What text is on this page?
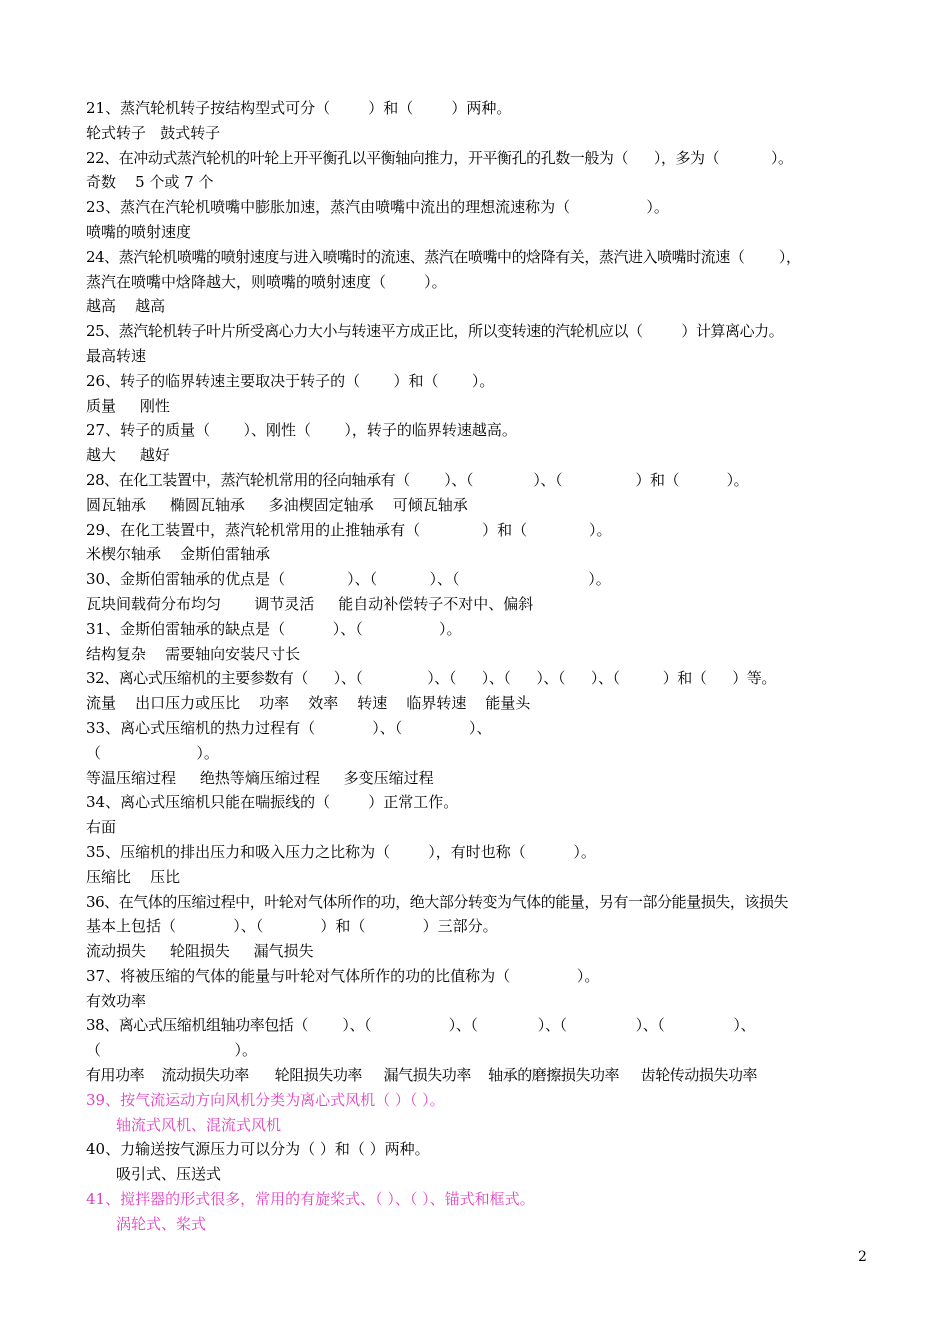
21、蒸汽轮机转子按结构型式可分（        ）和（        ）两种。
轮式转子   鼓式转子
22、在冲动式蒸汽轮机的叶轮上开平衡孔以平衡轴向推力，开平衡孔的孔数一般为（      ），多为（            ）。
奇数    5 个或 7 个
23、蒸汽在汽轮机喷嘴中膨胀加速，蒸汽由喷嘴中流出的理想流速称为（                ）。
喷嘴的喷射速度
24、蒸汽轮机喷嘴的喷射速度与进入喷嘴时的流速、蒸汽在喷嘴中的焓降有关，蒸汽进入喷嘴时流速（        ），
蒸汽在喷嘴中焓降越大，则喷嘴的喷射速度（        ）。
越高    越高
25、蒸汽轮机转子叶片所受离心力大小与转速平方成正比，所以变转速的汽轮机应以（         ）计算离心力。
最高转速
26、转子的临界转速主要取决于转子的（       ）和（       ）。
质量     刚性
27、转子的质量（       ）、刚性（       ），转子的临界转速越高。
越大     越好
28、在化工装置中，蒸汽轮机常用的径向轴承有（        ）、（              ）、（                 ）和（           ）。
圆瓦轴承     椭圆瓦轴承     多油楔固定轴承    可倾瓦轴承
29、在化工装置中，蒸汽轮机常用的止推轴承有（             ）和（             ）。
米楔尔轴承    金斯伯雷轴承
30、金斯伯雷轴承的优点是（             ）、（           ）、（                           ）。
瓦块间载荷分布均匀       调节灵活     能自动补偿转子不对中、偏斜
31、金斯伯雷轴承的缺点是（          ）、（                ）。
结构复杂    需要轴向安装尺寸长
32、离心式压缩机的主要参数有（      ）、（               ）、（      ）、（      ）、（      ）、（          ）和（      ）等。
流量    出口压力或压比    功率    效率    转速    临界转速    能量头
33、离心式压缩机的热力过程有（            ）、（              ）、
（                    ）。
等温压缩过程     绝热等熵压缩过程     多变压缩过程
34、离心式压缩机只能在喘振线的（        ）正常工作。
右面
35、压缩机的排出压力和吸入压力之比称为（        ），有时也称（          ）。
压缩比    压比
36、在气体的压缩过程中，叶轮对气体所作的功，绝大部分转变为气体的能量，另有一部分能量损失，该损失
基本上包括（            ）、（            ）和（            ）三部分。
流动损失     轮阻损失     漏气损失
37、将被压缩的气体的能量与叶轮对气体所作的功的比值称为（              ）。
有效功率
38、离心式压缩机组轴功率包括（        ）、（                  ）、（              ）、（                ）、（                ）、
（                            ）。
有用功率    流动损失功率      轮阻损失功率     漏气损失功率    轴承的磨擦损失功率     齿轮传动损失功率
39、按气流运动方向风机分类为离心式风机（ ）（ ）。
轴流式风机、混流式风机
40、力输送按气源压力可以分为（ ）和（ ）两种。
吸引式、压送式
41、搅拌器的形式很多，常用的有旋桨式、（ ）、（ ）、锚式和框式。
涡轮式、桨式
2
